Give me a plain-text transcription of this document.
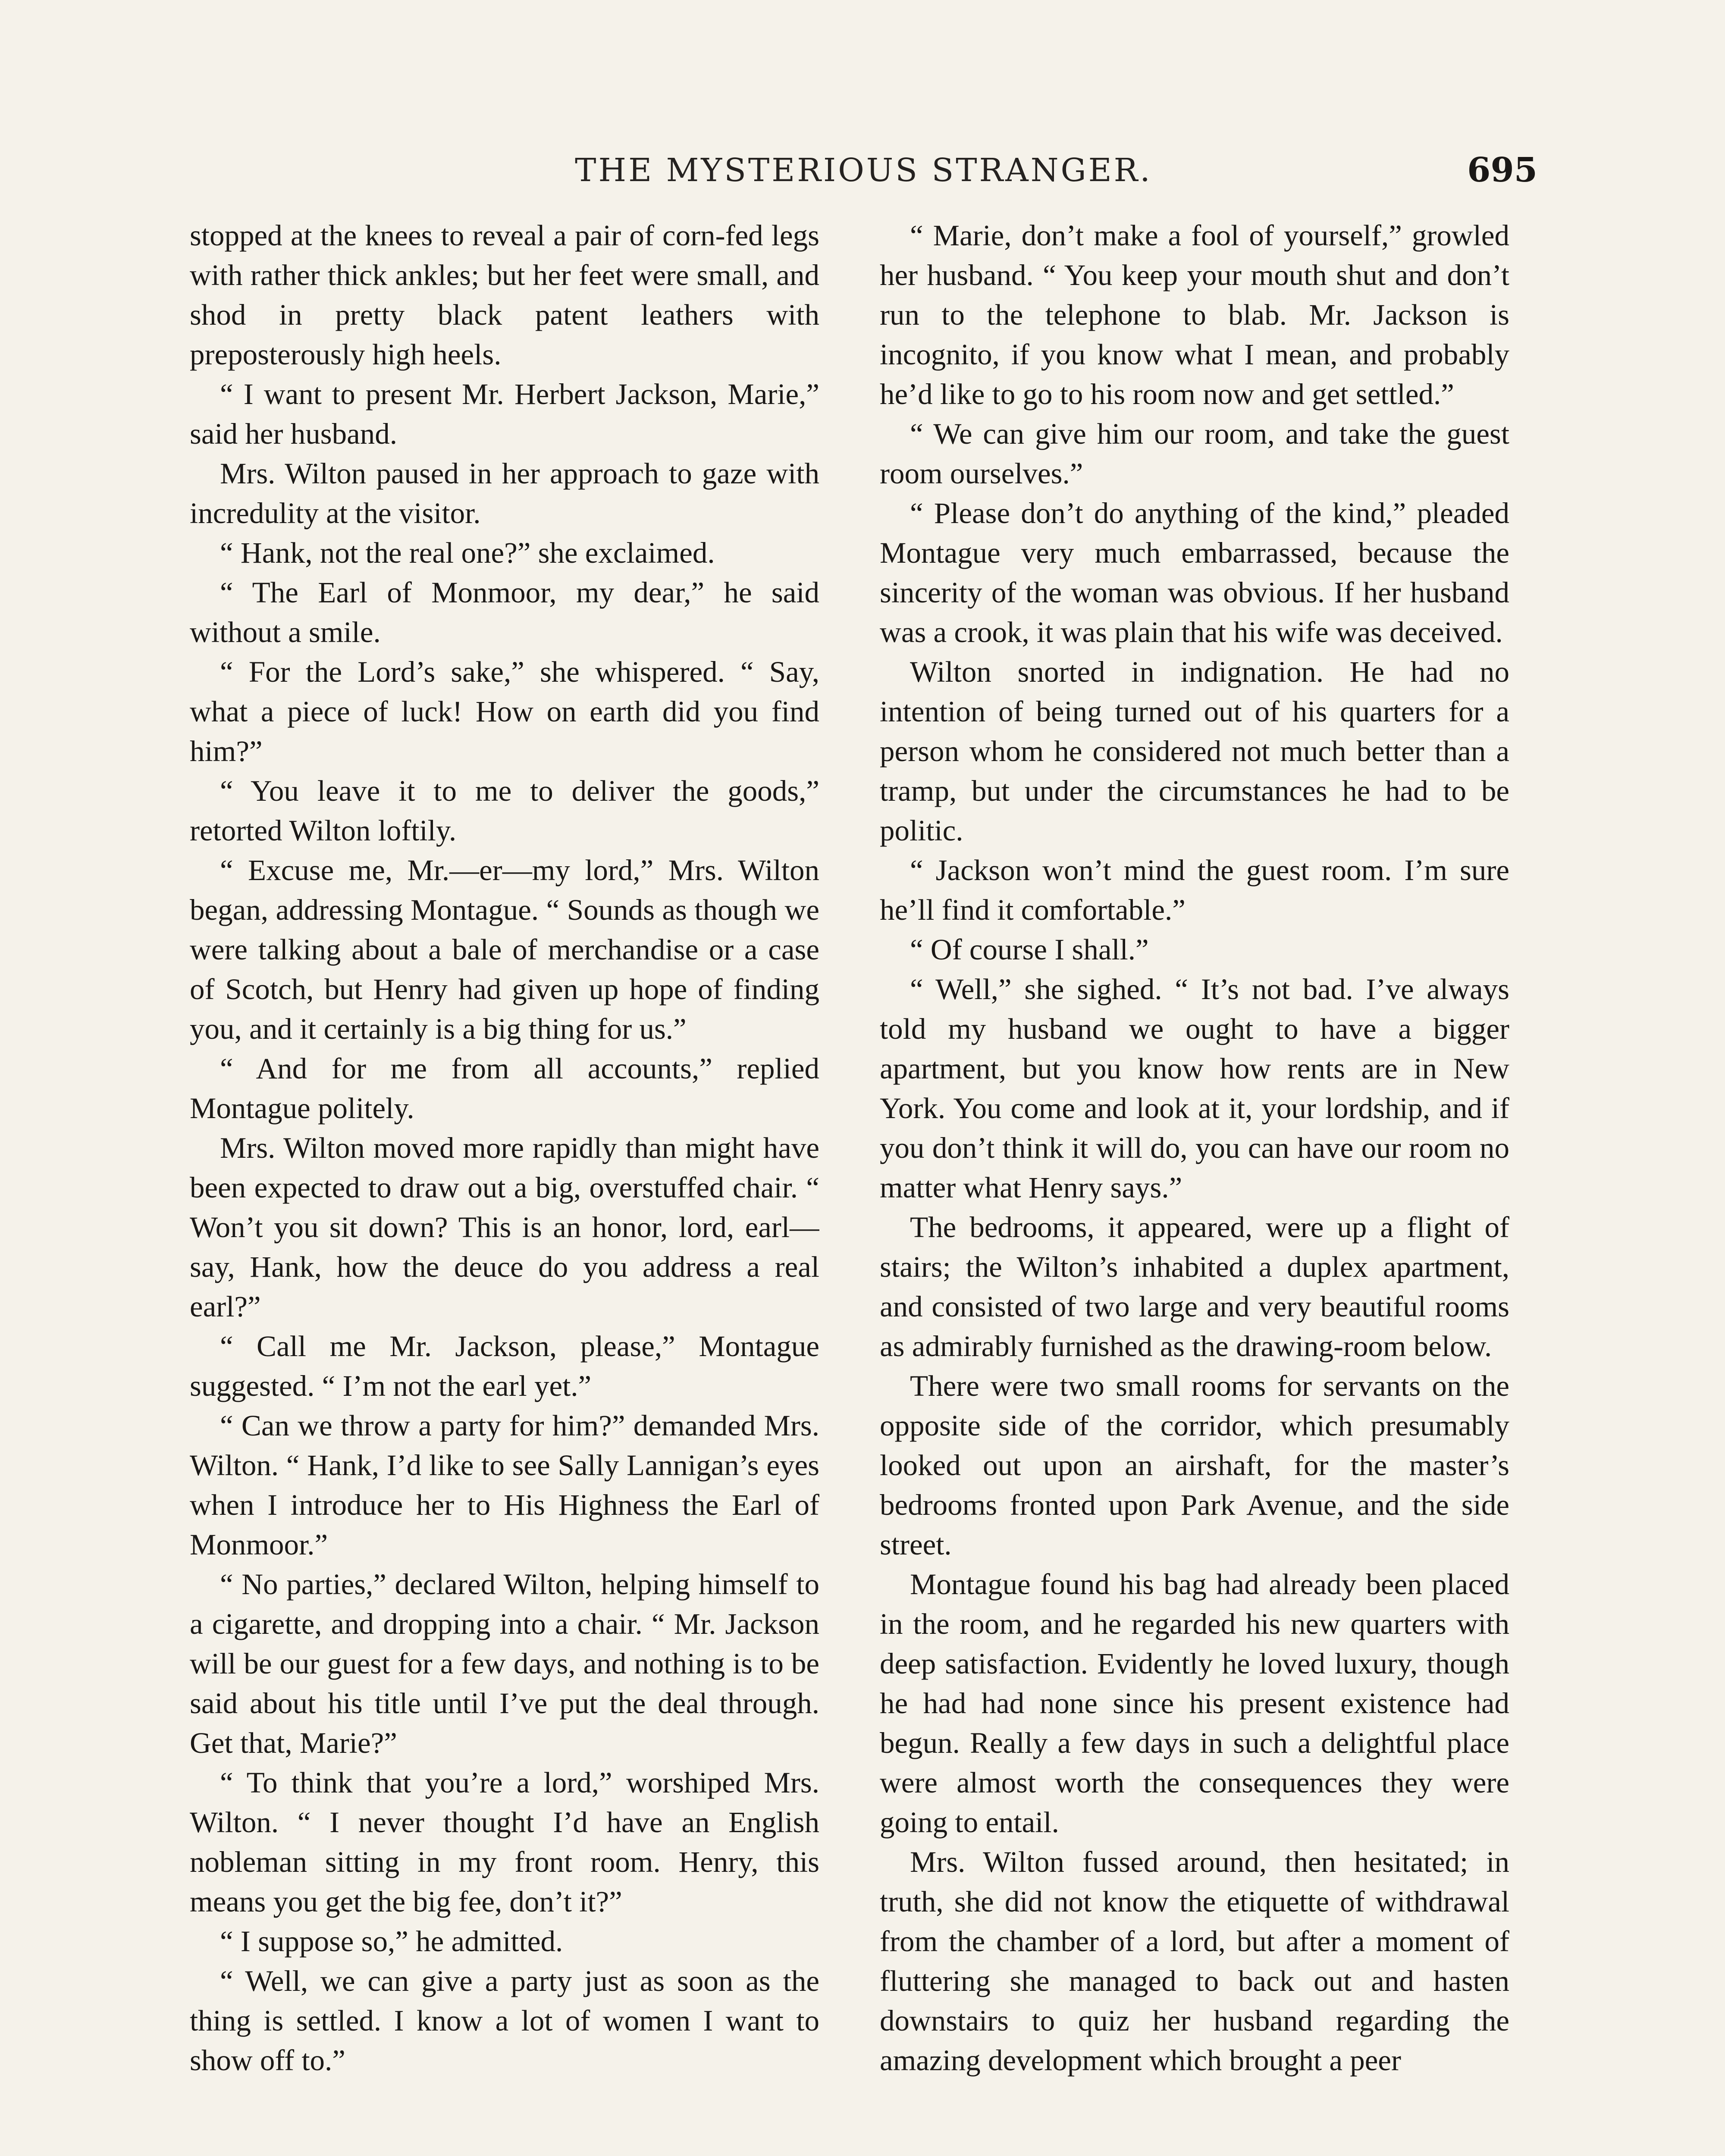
THE MYSTERIOUS STRANGER.	695

stopped at the knees to reveal a pair of corn-fed legs with rather thick ankles; but her feet were small, and shod in pretty black patent leathers with preposterously high heels.

“ I want to present Mr. Herbert Jackson, Marie,” said her husband.

Mrs. Wilton paused in her approach to gaze with incredulity at the visitor.

“ Hank, not the real one?” she exclaimed.

“ The Earl of Monmoor, my dear,” he said without a smile.

“ For the Lord’s sake,” she whispered. “ Say, what a piece of luck! How on earth did you find him?”

“ You leave it to me to deliver the goods,” retorted Wilton loftily.

“ Excuse me, Mr.—er—my lord,” Mrs. Wilton began, addressing Montague. “ Sounds as though we were talking about a bale of merchandise or a case of Scotch, but Henry had given up hope of finding you, and it certainly is a big thing for us.”

“ And for me from all accounts,” replied Montague politely.

Mrs. Wilton moved more rapidly than might have been expected to draw out a big, overstuffed chair. “ Won’t you sit down? This is an honor, lord, earl—say, Hank, how the deuce do you address a real earl?”

“ Call me Mr. Jackson, please,” Montague suggested. “ I’m not the earl yet.”

“ Can we throw a party for him?” demanded Mrs. Wilton. “ Hank, I’d like to see Sally Lannigan’s eyes when I introduce her to His Highness the Earl of Monmoor.”

“ No parties,” declared Wilton, helping himself to a cigarette, and dropping into a chair. “ Mr. Jackson will be our guest for a few days, and nothing is to be said about his title until I’ve put the deal through. Get that, Marie?”

“ To think that you’re a lord,” worshiped Mrs. Wilton. “ I never thought I’d have an English nobleman sitting in my front room. Henry, this means you get the big fee, don’t it?”

“ I suppose so,” he admitted.

“ Well, we can give a party just as soon as the thing is settled. I know a lot of women I want to show off to.”

“ Marie, don’t make a fool of yourself,” growled her husband. “ You keep your mouth shut and don’t run to the telephone to blab. Mr. Jackson is incognito, if you know what I mean, and probably he’d like to go to his room now and get settled.”

“ We can give him our room, and take the guest room ourselves.”

“ Please don’t do anything of the kind,” pleaded Montague very much embarrassed, because the sincerity of the woman was obvious. If her husband was a crook, it was plain that his wife was deceived.

Wilton snorted in indignation. He had no intention of being turned out of his quarters for a person whom he considered not much better than a tramp, but under the circumstances he had to be politic.

“ Jackson won’t mind the guest room. I’m sure he’ll find it comfortable.”

“ Of course I shall.”

“ Well,” she sighed. “ It’s not bad. I’ve always told my husband we ought to have a bigger apartment, but you know how rents are in New York. You come and look at it, your lordship, and if you don’t think it will do, you can have our room no matter what Henry says.”

The bedrooms, it appeared, were up a flight of stairs; the Wilton’s inhabited a duplex apartment, and consisted of two large and very beautiful rooms as admirably furnished as the drawing-room below.

There were two small rooms for servants on the opposite side of the corridor, which presumably looked out upon an airshaft, for the master’s bedrooms fronted upon Park Avenue, and the side street.

Montague found his bag had already been placed in the room, and he regarded his new quarters with deep satisfaction. Evidently he loved luxury, though he had had none since his present existence had begun. Really a few days in such a delightful place were almost worth the consequences they were going to entail.

Mrs. Wilton fussed around, then hesitated; in truth, she did not know the etiquette of withdrawal from the chamber of a lord, but after a moment of fluttering she managed to back out and hasten downstairs to quiz her husband regarding the amazing development which brought a peer
